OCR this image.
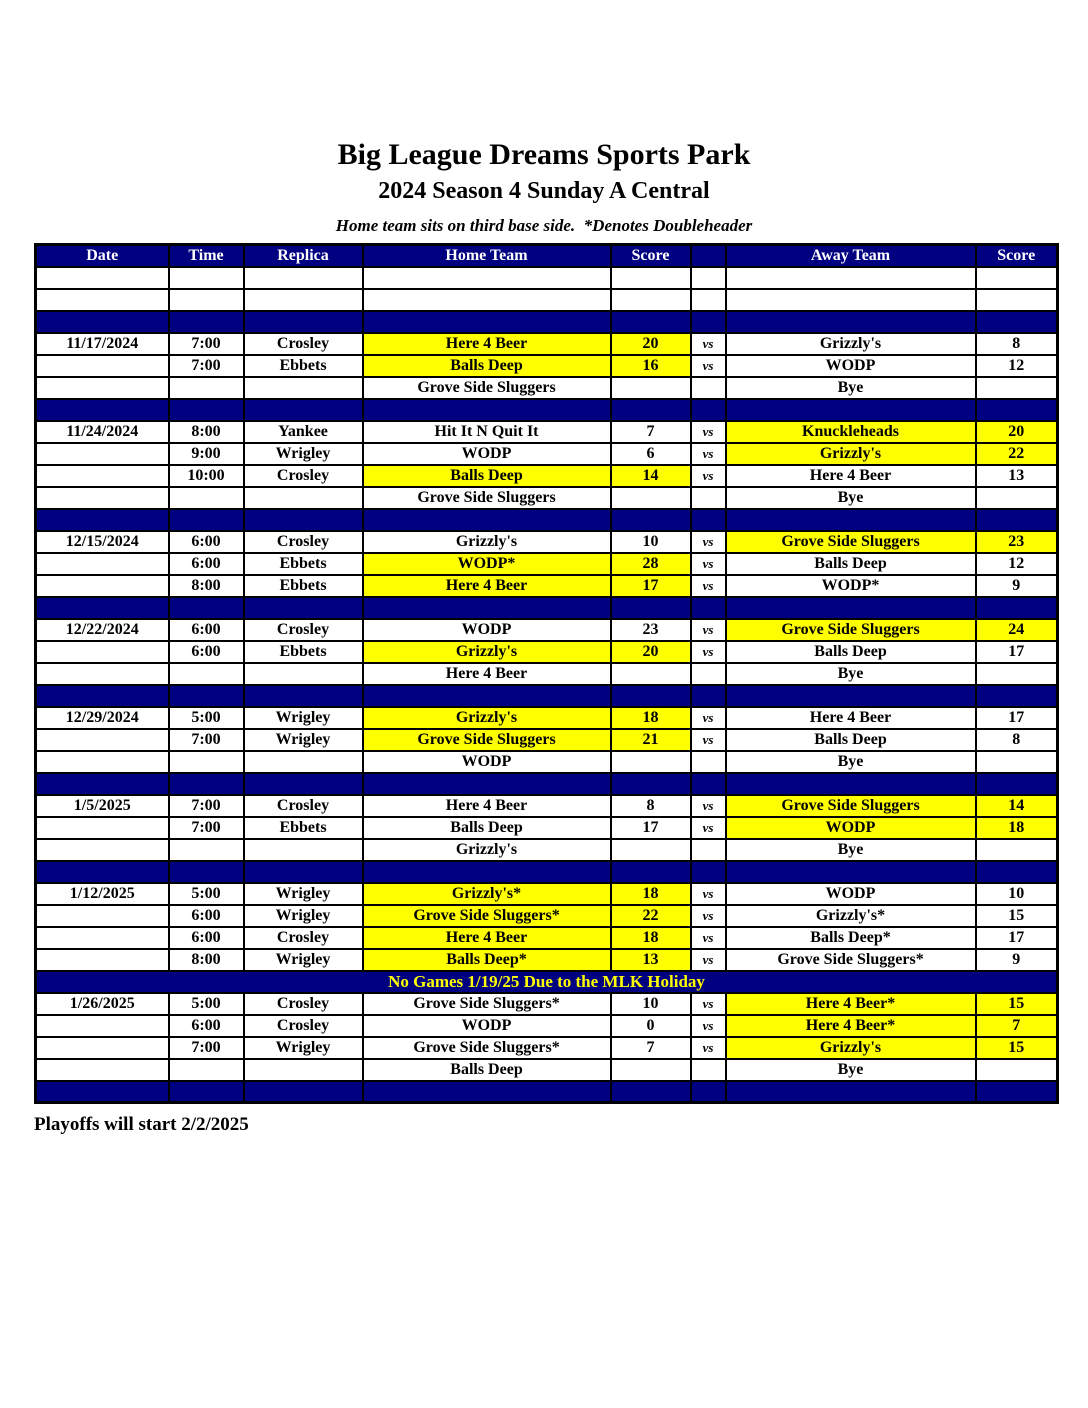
Big League Dreams Sports Park
2024 Season 4 Sunday A Central
Home team sits on third base side.  *Denotes Doubleheader
Date	Time	Replica	Home Team	Score		Away Team	Score

11/17/2024	7:00	Crosley	Here 4 Beer	20	vs	Grizzly's	8
	7:00	Ebbets	Balls Deep	16	vs	WODP	12
			Grove Side Sluggers			Bye	

11/24/2024	8:00	Yankee	Hit It N Quit It	7	vs	Knuckleheads	20
	9:00	Wrigley	WODP	6	vs	Grizzly's	22
	10:00	Crosley	Balls Deep	14	vs	Here 4 Beer	13
			Grove Side Sluggers			Bye	

12/15/2024	6:00	Crosley	Grizzly's	10	vs	Grove Side Sluggers	23
	6:00	Ebbets	WODP*	28	vs	Balls Deep	12
	8:00	Ebbets	Here 4 Beer	17	vs	WODP*	9

12/22/2024	6:00	Crosley	WODP	23	vs	Grove Side Sluggers	24
	6:00	Ebbets	Grizzly's	20	vs	Balls Deep	17
			Here 4 Beer			Bye	

12/29/2024	5:00	Wrigley	Grizzly's	18	vs	Here 4 Beer	17
	7:00	Wrigley	Grove Side Sluggers	21	vs	Balls Deep	8
			WODP			Bye	

1/5/2025	7:00	Crosley	Here 4 Beer	8	vs	Grove Side Sluggers	14
	7:00	Ebbets	Balls Deep	17	vs	WODP	18
			Grizzly's			Bye	

1/12/2025	5:00	Wrigley	Grizzly's*	18	vs	WODP	10
	6:00	Wrigley	Grove Side Sluggers*	22	vs	Grizzly's*	15
	6:00	Crosley	Here 4 Beer	18	vs	Balls Deep*	17
	8:00	Wrigley	Balls Deep*	13	vs	Grove Side Sluggers*	9
No Games 1/19/25 Due to the MLK Holiday							
1/26/2025	5:00	Crosley	Grove Side Sluggers*	10	vs	Here 4 Beer*	15
	6:00	Crosley	WODP	0	vs	Here 4 Beer*	7
	7:00	Wrigley	Grove Side Sluggers*	7	vs	Grizzly's	15
			Balls Deep			Bye	

Playoffs will start 2/2/2025
